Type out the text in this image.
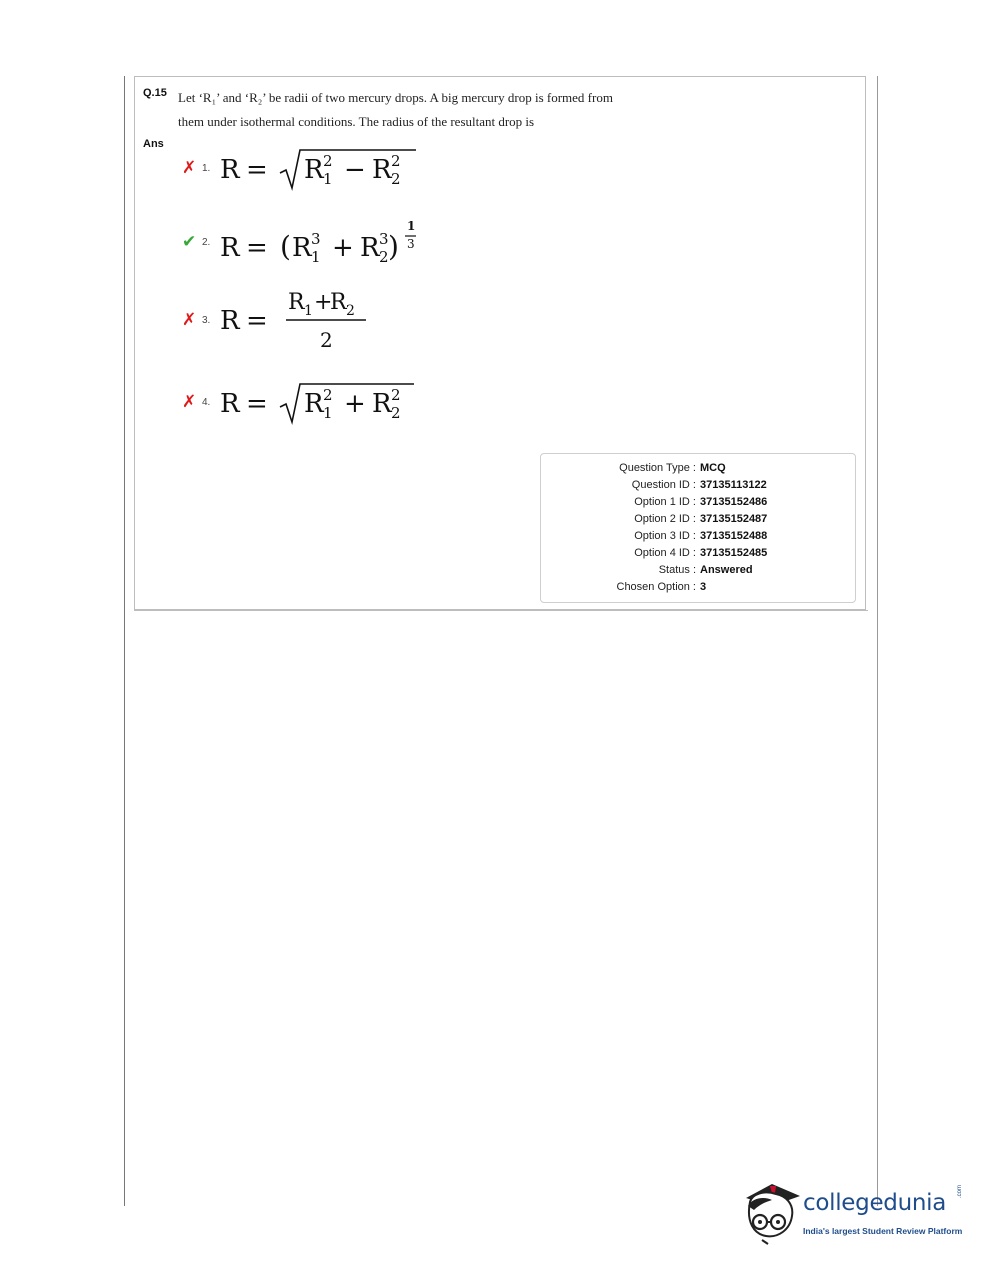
Q.15 Let ‘R₁’ and ‘R₂’ be radii of two mercury drops. A big mercury drop is formed from
them under isothermal conditions. The radius of the resultant drop is
Ans
✗ 1. R = R 2
1 − R 2
2
✔ 2. R = ( R 3
1 + R 3
2 )
1
3
✗ 3. R =
R 1 +
R 2
2
✗ 4. R = R 2
1 + R 2
2
Question Type : MCQ
Question ID : 37135113122
Option 1 ID : 37135152486
Option 2 ID : 37135152487
Option 3 ID : 37135152488
Option 4 ID : 37135152485
Status : Answered
Chosen Option : 3
collegedunia .com
India's largest Student Review Platform
